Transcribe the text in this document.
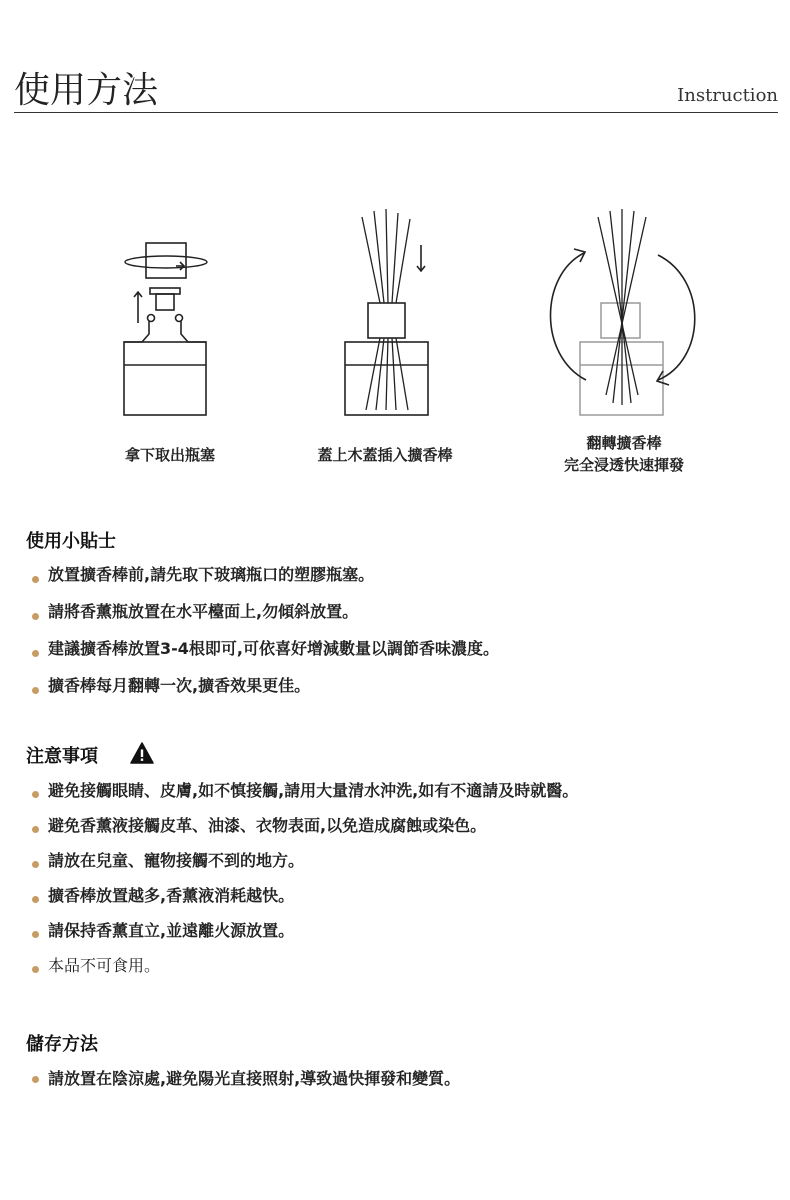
使用方法	Instruction
拿下取出瓶塞	蓋上木蓋插入擴香棒
翻轉擴香棒
完全浸透快速揮發
使用小貼士
放置擴香棒前,請先取下玻璃瓶口的塑膠瓶塞。
請將香薰瓶放置在水平檯面上,勿傾斜放置。
建議擴香棒放置3-4根即可,可依喜好增減數量以調節香味濃度。
擴香棒每月翻轉一次,擴香效果更佳。
注意事項
避免接觸眼睛、皮膚,如不慎接觸,請用大量清水沖洗,如有不適請及時就醫。
避免香薰液接觸皮革、油漆、衣物表面,以免造成腐蝕或染色。
請放在兒童、寵物接觸不到的地方。
擴香棒放置越多,香薰液消耗越快。
請保持香薰直立,並遠離火源放置。
本品不可食用。
儲存方法
請放置在陰涼處,避免陽光直接照射,導致過快揮發和變質。
